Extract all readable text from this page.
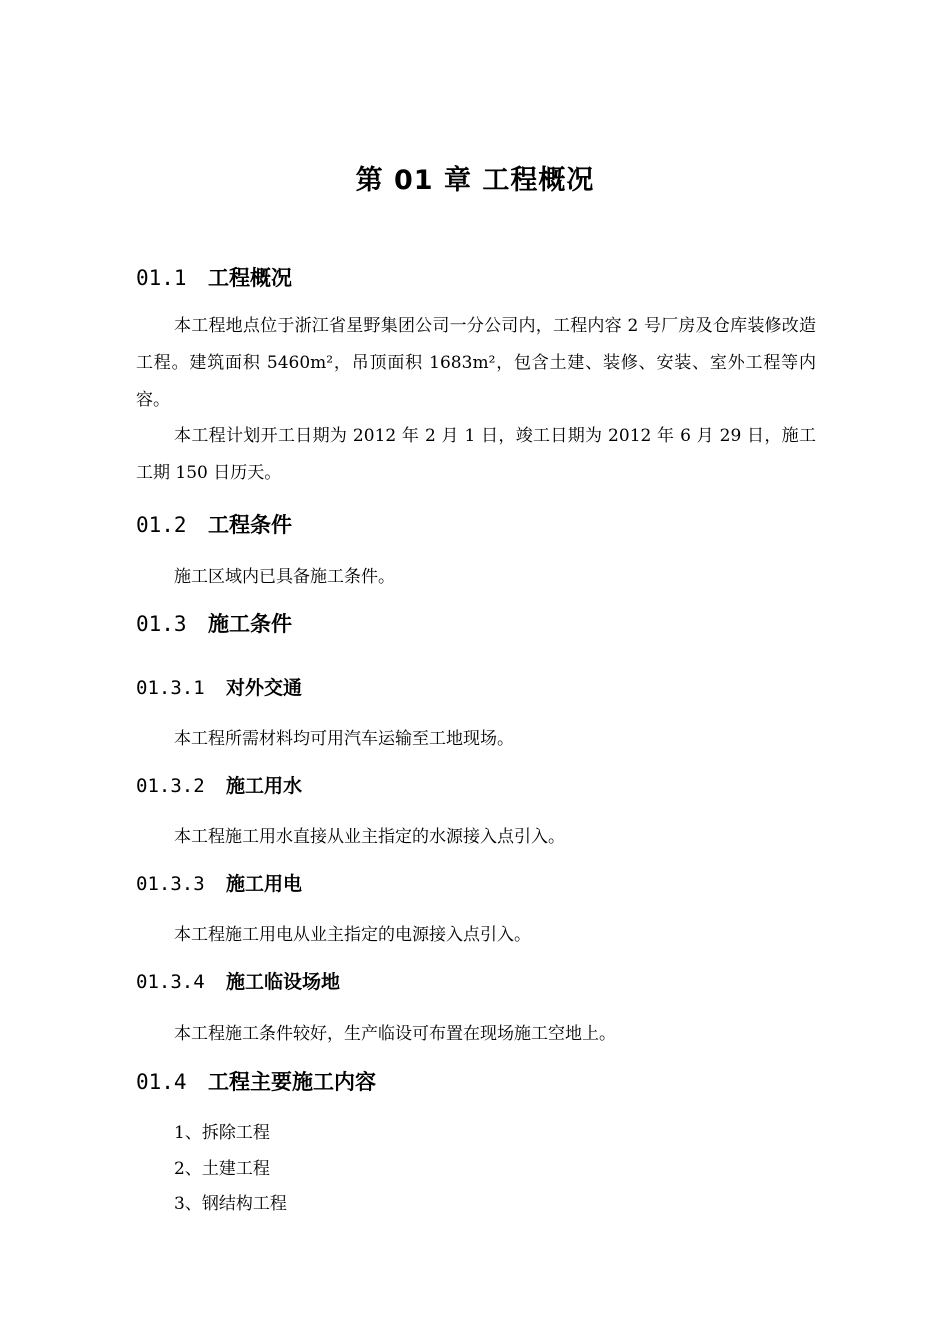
第 01 章 工程概况
01.1 工程概况

本工程地点位于浙江省星野集团公司一分公司内，工程内容 2 号厂房及仓库装修改造工程。建筑面积 5460m²，吊顶面积 1683m²，包含土建、装修、安装、室外工程等内容。

本工程计划开工日期为 2012 年 2 月 1 日，竣工日期为 2012 年 6 月 29 日，施工工期 150 日历天。

01.2 工程条件

施工区域内已具备施工条件。

01.3 施工条件
01.3.1 对外交通

本工程所需材料均可用汽车运输至工地现场。

01.3.2 施工用水

本工程施工用水直接从业主指定的水源接入点引入。

01.3.3 施工用电

本工程施工用电从业主指定的电源接入点引入。

01.3.4 施工临设场地

本工程施工条件较好，生产临设可布置在现场施工空地上。

01.4 工程主要施工内容

1、拆除工程

2、土建工程

3、钢结构工程
